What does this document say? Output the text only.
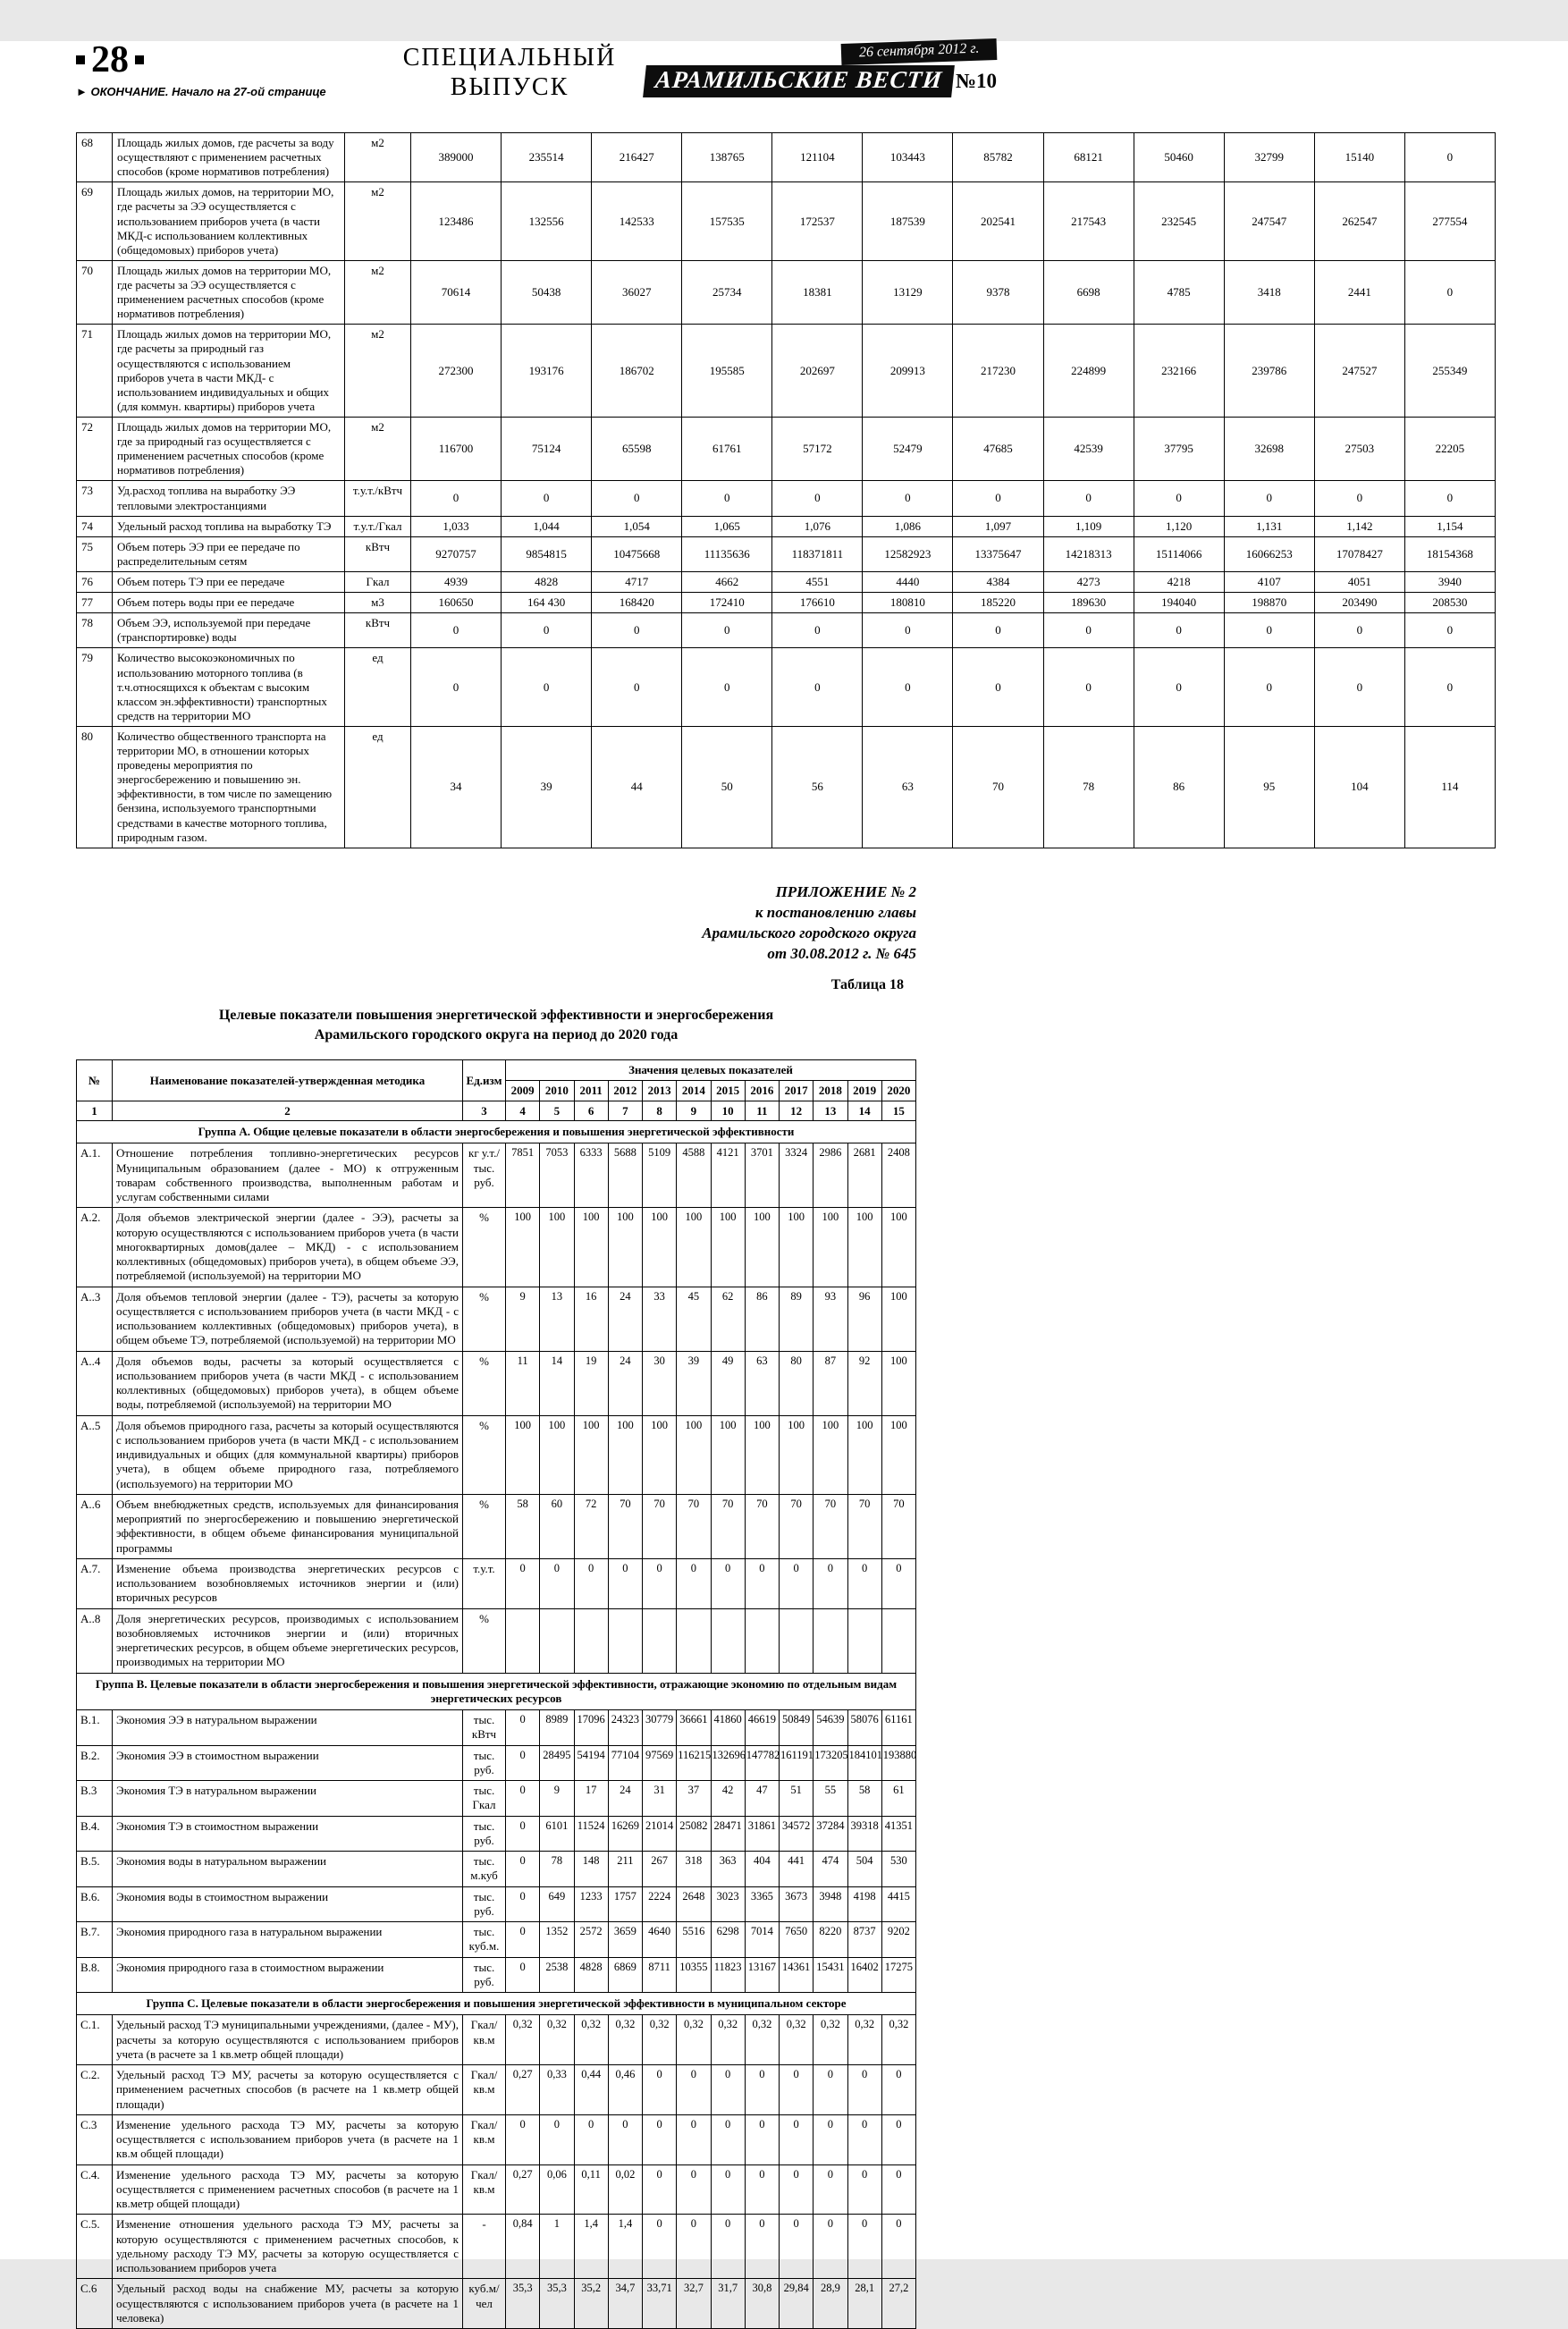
28
► ОКОНЧАНИЕ. Начало на 27-ой странице
СПЕЦИАЛЬНЫЙ
ВЫПУСК
26 сентября 2012 г.
АРАМИЛЬСКИЕ ВЕСТИ №10
68	Площадь жилых домов, где расчеты за воду осуществляют с применением расчетных способов (кроме нормативов потребления)	м2	389000	235514	216427	138765	121104	103443	85782	68121	50460	32799	15140	0
69	Площадь жилых домов, на территории МО, где расчеты за ЭЭ осуществляется с использованием приборов учета (в части МКД-с использованием коллективных (общедомовых) приборов учета)	м2	123486	132556	142533	157535	172537	187539	202541	217543	232545	247547	262547	277554
70	Площадь жилых домов на территории МО, где расчеты за ЭЭ осуществляется с применением расчетных способов (кроме нормативов потребления)	м2	70614	50438	36027	25734	18381	13129	9378	6698	4785	3418	2441	0
71	Площадь жилых домов на территории МО, где расчеты за природный газ осуществляются с использованием приборов учета в части МКД- с использованием индивидуальных и общих (для коммун. квартиры) приборов учета	м2	272300	193176	186702	195585	202697	209913	217230	224899	232166	239786	247527	255349
72	Площадь жилых домов на территории МО, где за природный газ осуществляется с применением расчетных способов (кроме нормативов потребления)	м2	116700	75124	65598	61761	57172	52479	47685	42539	37795	32698	27503	22205
73	Уд.расход топлива на выработку ЭЭ тепловыми электростанциями	т.у.т./кВтч	0	0	0	0	0	0	0	0	0	0	0	0
74	Удельный расход топлива на выработку ТЭ	т.у.т./Гкал	1,033	1,044	1,054	1,065	1,076	1,086	1,097	1,109	1,120	1,131	1,142	1,154
75	Объем потерь ЭЭ при ее передаче по распределительным сетям	кВтч	9270757	9854815	10475668	11135636	118371811	12582923	13375647	14218313	15114066	16066253	17078427	18154368
76	Объем потерь ТЭ при ее передаче	Гкал	4939	4828	4717	4662	4551	4440	4384	4273	4218	4107	4051	3940
77	Объем потерь воды при ее передаче	м3	160650	164 430	168420	172410	176610	180810	185220	189630	194040	198870	203490	208530
78	Объем ЭЭ, используемой при передаче (транспортировке) воды	кВтч	0	0	0	0	0	0	0	0	0	0	0	0
79	Количество высокоэкономичных по использованию моторного топлива (в т.ч.относящихся к объектам с высоким классом эн.эффективности) транспортных средств на территории МО	ед	0	0	0	0	0	0	0	0	0	0	0	0
80	Количество общественного транспорта на территории МО, в отношении которых проведены мероприятия по энергосбережению и повышению эн. эффективности, в том числе по замещению бензина, используемого транспортными средствами в качестве моторного топлива, природным газом.	ед	34	39	44	50	56	63	70	78	86	95	104	114
ПРИЛОЖЕНИЕ № 2
к постановлению главы
Арамильского городского округа
от 30.08.2012 г. № 645
Таблица 18
Целевые показатели повышения энергетической эффективности и энергосбережения
Арамильского городского округа на период до 2020 года
№	Наименование показателей-утвержденная методика	Ед.изм	Значения целевых показателей											
			2009	2010	2011	2012	2013	2014	2015	2016	2017	2018	2019	2020
1	2	3	4	5	6	7	8	9	10	11	12	13	14	15
Группа А. Общие целевые показатели в области энергосбережения и повышения энергетической эффективности														
А.1.	Отношение потребления топливно-энергетических ресурсов Муниципальным образованием (далее - МО) к отгруженным товарам собственного производства, выполненным работам и услугам собственными силами	кг у.т./ тыс. руб.	7851	7053	6333	5688	5109	4588	4121	3701	3324	2986	2681	2408
А.2.	Доля объемов электрической энергии (далее - ЭЭ), расчеты за которую осуществляются с использованием приборов учета (в части многоквартирных домов(далее – МКД) - с использованием коллективных (общедомовых) приборов учета), в общем объеме ЭЭ, потребляемой (используемой) на территории МО	%	100	100	100	100	100	100	100	100	100	100	100	100
А..3	Доля объемов тепловой энергии (далее - ТЭ), расчеты за которую осуществляется с использованием приборов учета (в части МКД - с использованием коллективных (общедомовых) приборов учета), в общем объеме ТЭ, потребляемой (используемой) на территории МО	%	9	13	16	24	33	45	62	86	89	93	96	100
А..4	Доля объемов воды, расчеты за который осуществляется с использованием приборов учета (в части МКД - с использованием коллективных (общедомовых) приборов учета), в общем объеме воды, потребляемой (используемой) на территории МО	%	11	14	19	24	30	39	49	63	80	87	92	100
А..5	Доля объемов природного газа, расчеты за который осуществляются с использованием приборов учета (в части МКД - с использованием индивидуальных и общих (для коммунальной квартиры) приборов учета), в общем объеме природного газа, потребляемого (используемого) на территории МО	%	100	100	100	100	100	100	100	100	100	100	100	100
А..6	Объем внебюджетных средств, используемых для финансирования мероприятий по энергосбережению и повышению энергетической эффективности, в общем объеме финансирования муниципальной программы	%	58	60	72	70	70	70	70	70	70	70	70	70
А.7.	Изменение объема производства энергетических ресурсов с использованием возобновляемых источников энергии и (или) вторичных ресурсов	т.у.т.	0	0	0	0	0	0	0	0	0	0	0	0
А..8	Доля энергетических ресурсов, производимых с использованием возобновляемых источников энергии и (или) вторичных энергетических ресурсов, в общем объеме энергетических ресурсов, производимых на территории МО	%												
Группа В. Целевые показатели в области энергосбережения и повышения энергетической эффективности, отражающие экономию по отдельным видам энергетических ресурсов														
В.1.	Экономия ЭЭ в натуральном выражении	тыс. кВтч	0	8989	17096	24323	30779	36661	41860	46619	50849	54639	58076	61161
В.2.	Экономия ЭЭ в стоимостном выражении	тыс. руб.	0	28495	54194	77104	97569	116215	132696	147782	161191	173205	184101	193880
В.3	Экономия ТЭ в натуральном выражении	тыс. Гкал	0	9	17	24	31	37	42	47	51	55	58	61
В.4.	Экономия ТЭ в стоимостном выражении	тыс. руб.	0	6101	11524	16269	21014	25082	28471	31861	34572	37284	39318	41351
В.5.	Экономия воды в натуральном выражении	тыс. м.куб	0	78	148	211	267	318	363	404	441	474	504	530
В.6.	Экономия воды в стоимостном выражении	тыс. руб.	0	649	1233	1757	2224	2648	3023	3365	3673	3948	4198	4415
В.7.	Экономия природного газа в натуральном выражении	тыс. куб.м.	0	1352	2572	3659	4640	5516	6298	7014	7650	8220	8737	9202
В.8.	Экономия природного газа в стоимостном выражении	тыс. руб.	0	2538	4828	6869	8711	10355	11823	13167	14361	15431	16402	17275
Группа С. Целевые показатели в области энергосбережения и повышения энергетической эффективности в муниципальном секторе														
С.1.	Удельный расход ТЭ муниципальными учреждениями, (далее - МУ), расчеты за которую осуществляются с использованием приборов учета (в расчете за 1 кв.метр общей площади)	Гкал/ кв.м	0,32	0,32	0,32	0,32	0,32	0,32	0,32	0,32	0,32	0,32	0,32	0,32
С.2.	Удельный расход ТЭ МУ, расчеты за которую осуществляется с применением расчетных способов (в расчете на 1 кв.метр общей площади)	Гкал/ кв.м	0,27	0,33	0,44	0,46	0	0	0	0	0	0	0	0
С.3	Изменение удельного расхода ТЭ МУ, расчеты за которую осуществляется с использованием приборов учета (в расчете на 1 кв.м общей площади)	Гкал/ кв.м	0	0	0	0	0	0	0	0	0	0	0	0
С.4.	Изменение удельного расхода ТЭ МУ, расчеты за которую осуществляется с применением расчетных способов (в расчете на 1 кв.метр общей площади)	Гкал/ кв.м	0,27	0,06	0,11	0,02	0	0	0	0	0	0	0	0
С.5.	Изменение отношения удельного расхода ТЭ МУ, расчеты за которую осуществляются с применением расчетных способов, к удельному расходу ТЭ МУ, расчеты за которую осуществляется с использованием приборов учета	-	0,84	1	1,4	1,4	0	0	0	0	0	0	0	0
С.6	Удельный расход воды на снабжение МУ, расчеты за которую осуществляются с использованием приборов учета (в расчете на 1 человека)	куб.м/ чел	35,3	35,3	35,2	34,7	33,71	32,7	31,7	30,8	29,84	28,9	28,1	27,2
